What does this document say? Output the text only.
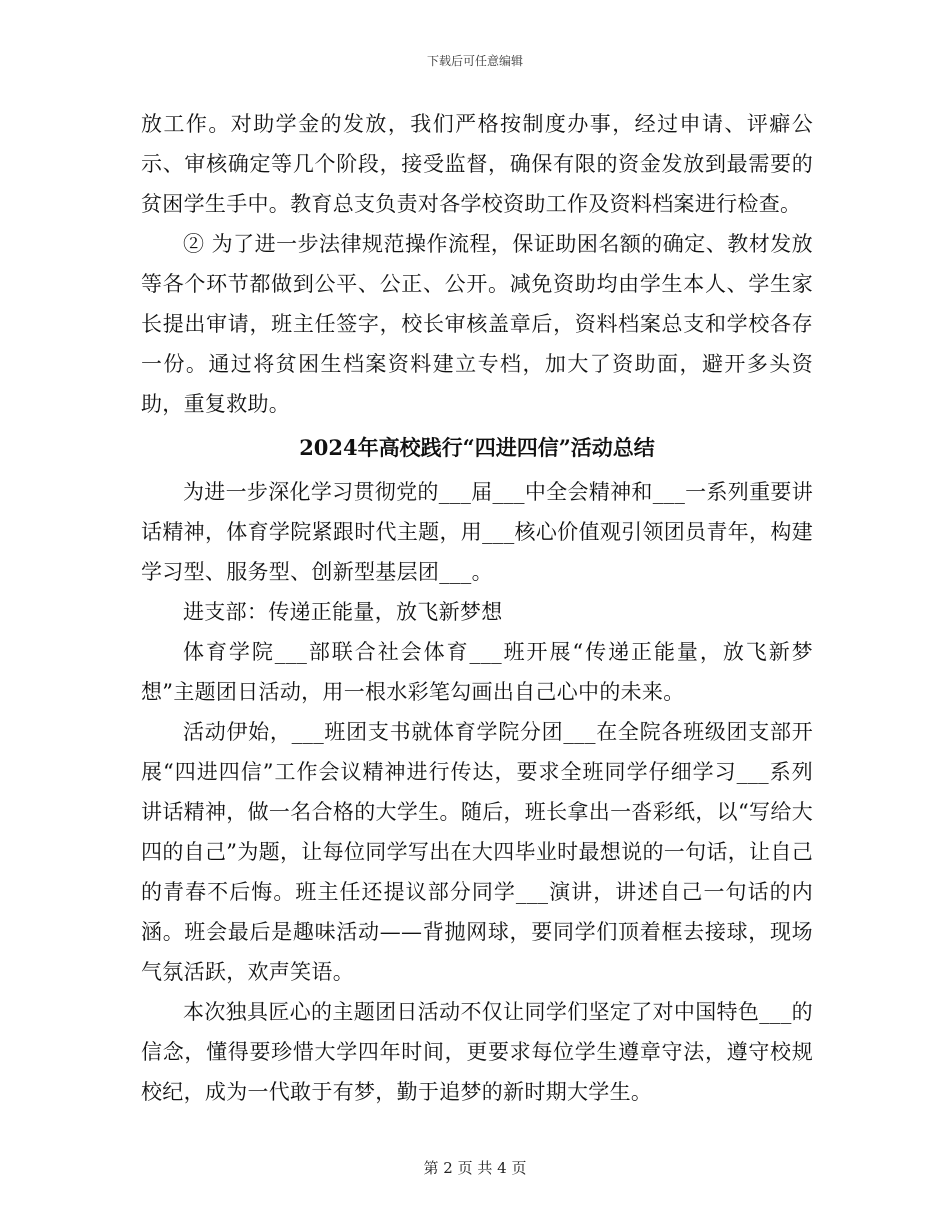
下载后可任意编辑

放工作。对助学金的发放，我们严格按制度办事，经过申请、评癖公示、审核确定等几个阶段，接受监督，确保有限的资金发放到最需要的贫困学生手中。教育总支负责对各学校资助工作及资料档案进行检查。

② 为了进一步法律规范操作流程，保证助困名额的确定、教材发放等各个环节都做到公平、公正、公开。减免资助均由学生本人、学生家长提出审请，班主任签字，校长审核盖章后，资料档案总支和学校各存一份。通过将贫困生档案资料建立专档，加大了资助面，避开多头资助，重复救助。

2024年高校践行“四进四信”活动总结

为进一步深化学习贯彻党的___届___中全会精神和___一系列重要讲话精神，体育学院紧跟时代主题，用___核心价值观引领团员青年，构建学习型、服务型、创新型基层团___。

进支部：传递正能量，放飞新梦想

体育学院___部联合社会体育___班开展“传递正能量，放飞新梦想”主题团日活动，用一根水彩笔勾画出自己心中的未来。

活动伊始，___班团支书就体育学院分团___在全院各班级团支部开展“四进四信”工作会议精神进行传达，要求全班同学仔细学习___系列讲话精神，做一名合格的大学生。随后，班长拿出一沓彩纸，以“写给大四的自己”为题，让每位同学写出在大四毕业时最想说的一句话，让自己的青春不后悔。班主任还提议部分同学___演讲，讲述自己一句话的内涵。班会最后是趣味活动——背抛网球，要同学们顶着框去接球，现场气氛活跃，欢声笑语。

本次独具匠心的主题团日活动不仅让同学们坚定了对中国特色___的信念，懂得要珍惜大学四年时间，更要求每位学生遵章守法，遵守校规校纪，成为一代敢于有梦，勤于追梦的新时期大学生。

第 2 页 共 4 页
